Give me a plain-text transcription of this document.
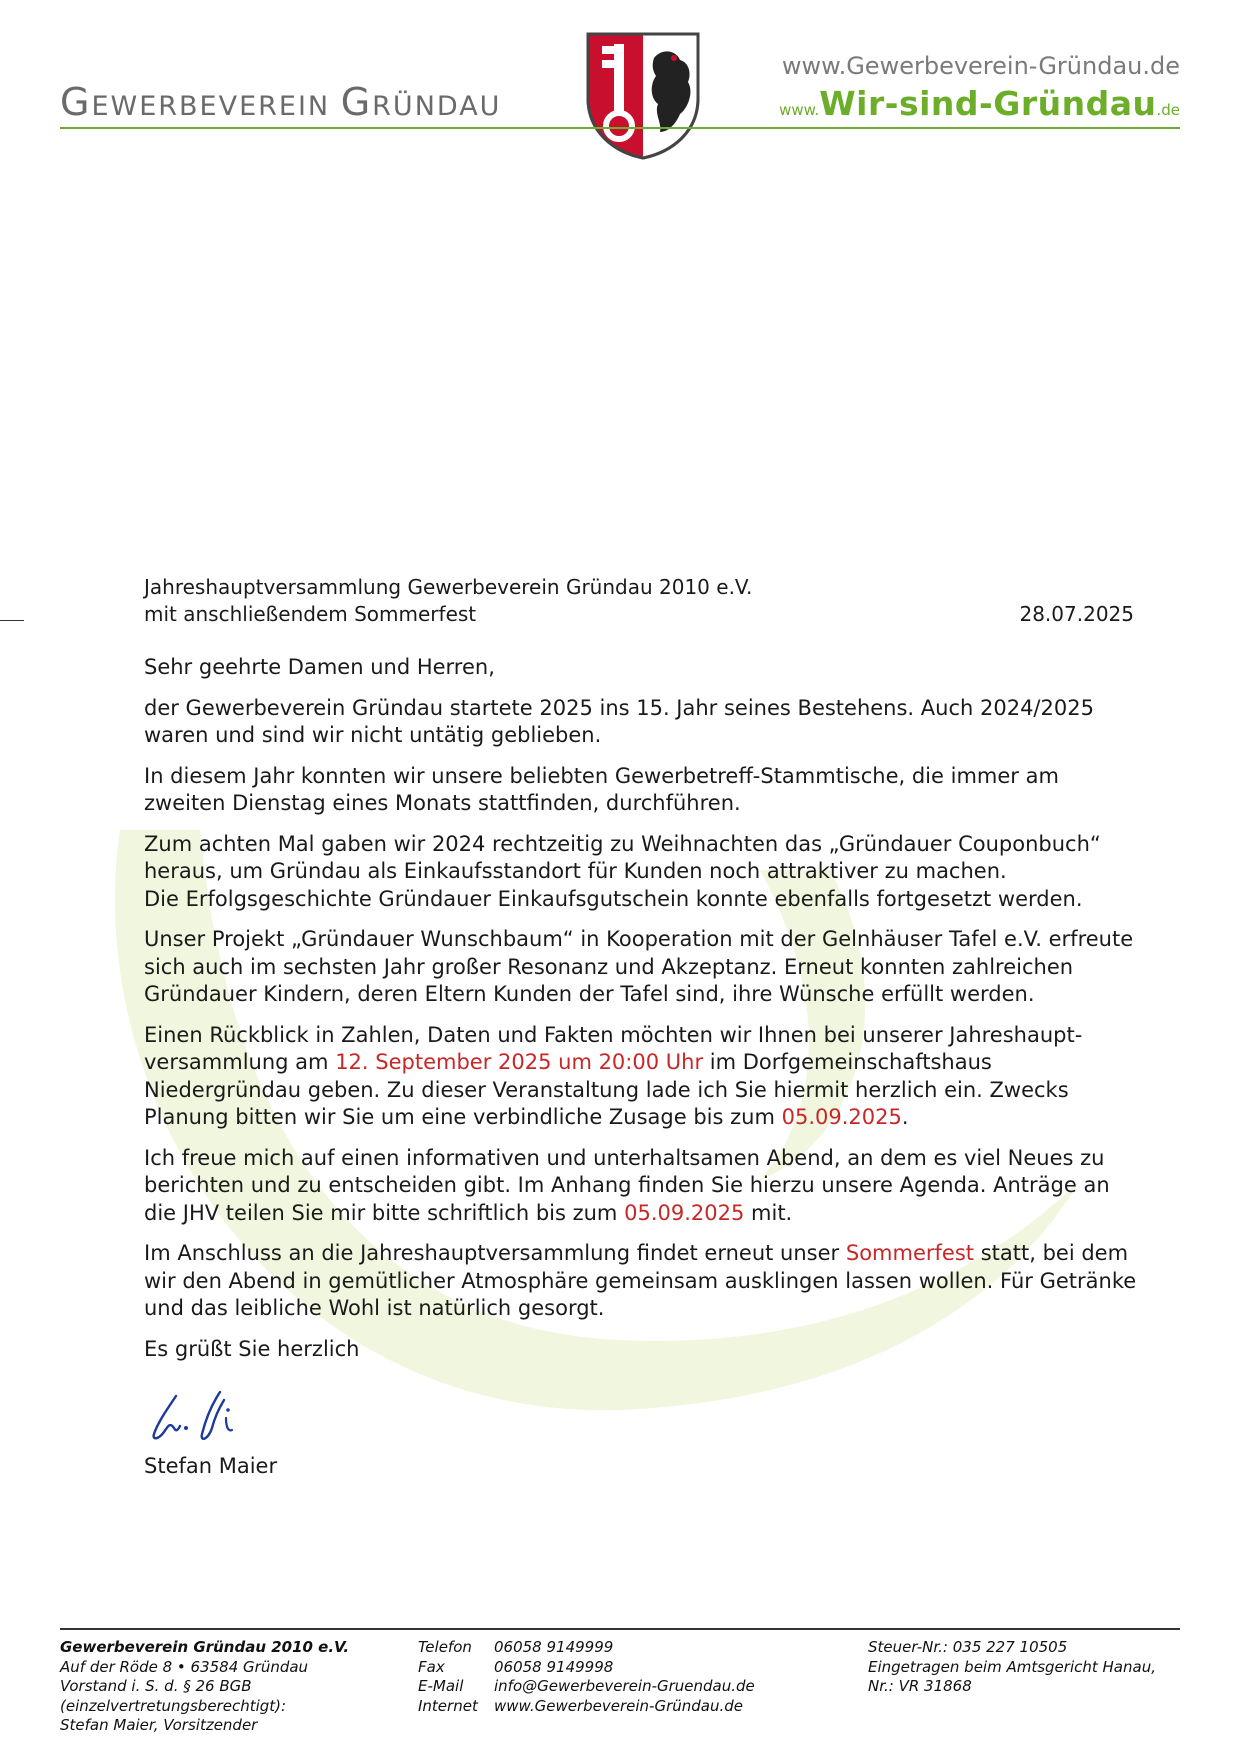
GEWERBEVEREIN GRÜNDAU
www.Gewerbeverein-Gründau.de
www.Wir-sind-Gründau.de
Jahreshauptversammlung Gewerbeverein Gründau 2010 e.V.
mit anschließendem Sommerfest	28.07.2025

Sehr geehrte Damen und Herren,

der Gewerbeverein Gründau startete 2025 ins 15. Jahr seines Bestehens. Auch 2024/2025 waren und sind wir nicht untätig geblieben.

In diesem Jahr konnten wir unsere beliebten Gewerbetreff-Stammtische, die immer am zweiten Dienstag eines Monats stattfinden, durchführen.

Zum achten Mal gaben wir 2024 rechtzeitig zu Weihnachten das „Gründauer Couponbuch“
heraus, um Gründau als Einkaufsstandort für Kunden noch attraktiver zu machen.
Die Erfolgsgeschichte Gründauer Einkaufsgutschein konnte ebenfalls fortgesetzt werden.

Unser Projekt „Gründauer Wunschbaum“ in Kooperation mit der Gelnhäuser Tafel e.V. erfreute sich auch im sechsten Jahr großer Resonanz und Akzeptanz. Erneut konnten zahlreichen Gründauer Kindern, deren Eltern Kunden der Tafel sind, ihre Wünsche erfüllt werden.

Einen Rückblick in Zahlen, Daten und Fakten möchten wir Ihnen bei unserer Jahreshaupt-versammlung am 12. September 2025 um 20:00 Uhr im Dorfgemeinschaftshaus Niedergründau geben. Zu dieser Veranstaltung lade ich Sie hiermit herzlich ein. Zwecks Planung bitten wir Sie um eine verbindliche Zusage bis zum 05.09.2025.

Ich freue mich auf einen informativen und unterhaltsamen Abend, an dem es viel Neues zu berichten und zu entscheiden gibt. Im Anhang finden Sie hierzu unsere Agenda. Anträge an die JHV teilen Sie mir bitte schriftlich bis zum 05.09.2025 mit.

Im Anschluss an die Jahreshauptversammlung findet erneut unser Sommerfest statt, bei dem wir den Abend in gemütlicher Atmosphäre gemeinsam ausklingen lassen wollen. Für Getränke und das leibliche Wohl ist natürlich gesorgt.

Es grüßt Sie herzlich

Stefan Maier
Gewerbeverein Gründau 2010 e.V.
Auf der Röde 8 • 63584 Gründau
Vorstand i. S. d. § 26 BGB
(einzelvertretungsberechtigt):
Stefan Maier, Vorsitzender
Telefon 06058 9149999
Fax	06058 9149998
E-Mail info@Gewerbeverein-Gruendau.de
Internet www.Gewerbeverein-Gründau.de
Steuer-Nr.: 035 227 10505
Eingetragen beim Amtsgericht Hanau,
Nr.: VR 31868
